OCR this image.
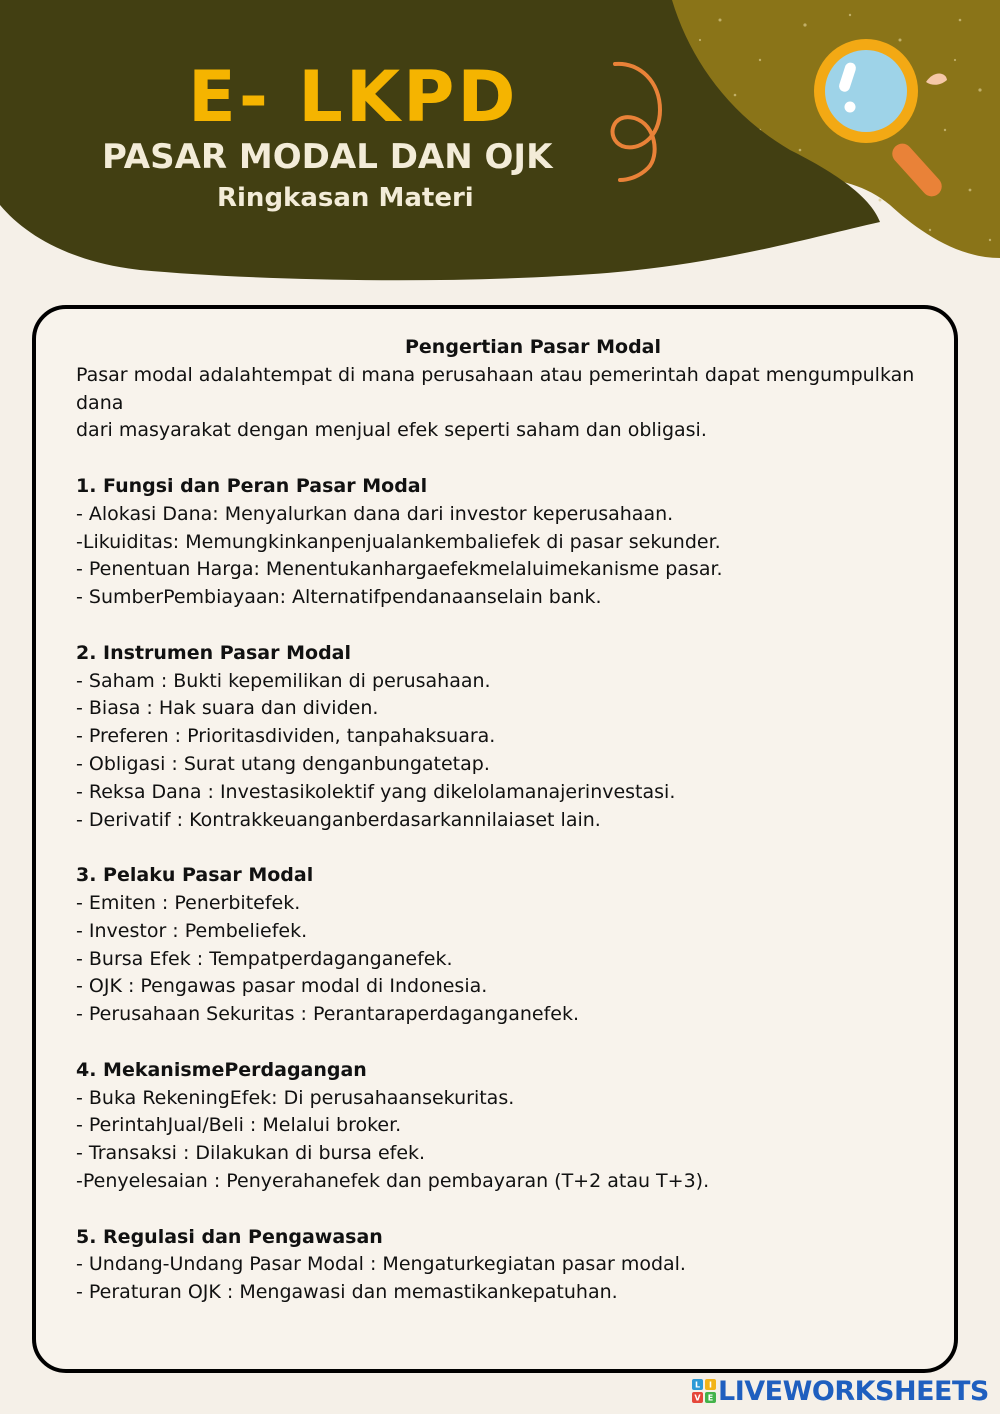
E- LKPD
PASAR MODAL DAN OJK
Ringkasan Materi

Pengertian Pasar Modal

Pasar modal adalahtempat di mana perusahaan atau pemerintah dapat mengumpulkan dana

dari masyarakat dengan menjual efek seperti saham dan obligasi.

1. Fungsi dan Peran Pasar Modal

- Alokasi Dana: Menyalurkan dana dari investor keperusahaan.
-Likuiditas: Memungkinkanpenjualankembaliefek di pasar sekunder.
- Penentuan Harga: Menentukanhargaefekmelaluimekanisme pasar.
- SumberPembiayaan: Alternatifpendanaanselain bank.

2. Instrumen Pasar Modal

- Saham : Bukti kepemilikan di perusahaan.
- Biasa : Hak suara dan dividen.
- Preferen : Prioritasdividen, tanpahaksuara.
- Obligasi : Surat utang denganbungatetap.
- Reksa Dana : Investasikolektif yang dikelolamanajerinvestasi.
- Derivatif : Kontrakkeuanganberdasarkannilaiaset lain.

3. Pelaku Pasar Modal

- Emiten : Penerbitefek.
- Investor : Pembeliefek.
- Bursa Efek : Tempatperdaganganefek.
- OJK : Pengawas pasar modal di Indonesia.
- Perusahaan Sekuritas : Perantaraperdaganganefek.

4. MekanismePerdagangan

- Buka RekeningEfek: Di perusahaansekuritas.
- PerintahJual/Beli : Melalui broker.
- Transaksi : Dilakukan di bursa efek.
-Penyelesaian : Penyerahanefek dan pembayaran (T+2 atau T+3).

5. Regulasi dan Pengawasan

- Undang-Undang Pasar Modal : Mengaturkegiatan pasar modal.
- Peraturan OJK : Mengawasi dan memastikankepatuhan.
L I
V E LIVEWORKSHEETS
